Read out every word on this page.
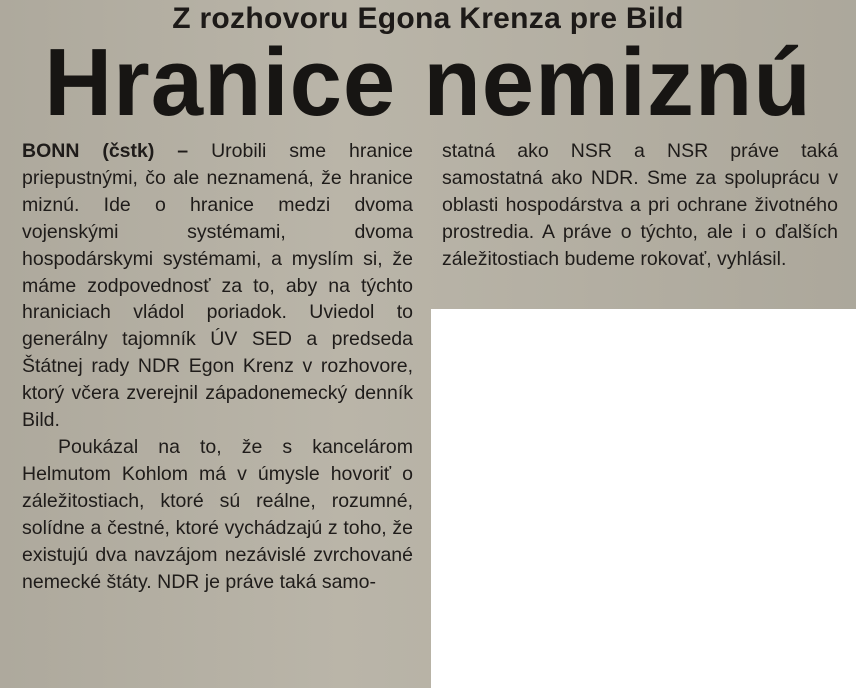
Z rozhovoru Egona Krenza pre Bild
Hranice nemiznú

BONN (čstk) – Urobili sme hranice priepustnými, čo ale neznamená, že hranice miznú. Ide o hranice medzi dvoma vojenskými systémami, dvoma hospodárskymi systémami, a myslím si, že máme zodpovednosť za to, aby na týchto hraniciach vládol poriadok. Uviedol to generálny tajomník ÚV SED a predseda Štátnej rady NDR Egon Krenz v rozhovore, ktorý včera zverejnil západonemecký denník Bild.

Poukázal na to, že s kancelárom Helmutom Kohlom má v úmysle hovoriť o záležitostiach, ktoré sú reálne, rozumné, solídne a čestné, ktoré vychádzajú z toho, že existujú dva navzájom nezávislé zvrchované nemecké štáty. NDR je práve taká samo-

statná ako NSR a NSR práve taká samostatná ako NDR. Sme za spoluprácu v oblasti hospodárstva a pri ochrane životného prostredia. A práve o týchto, ale i o ďalších záležitostiach budeme rokovať, vyhlásil.
